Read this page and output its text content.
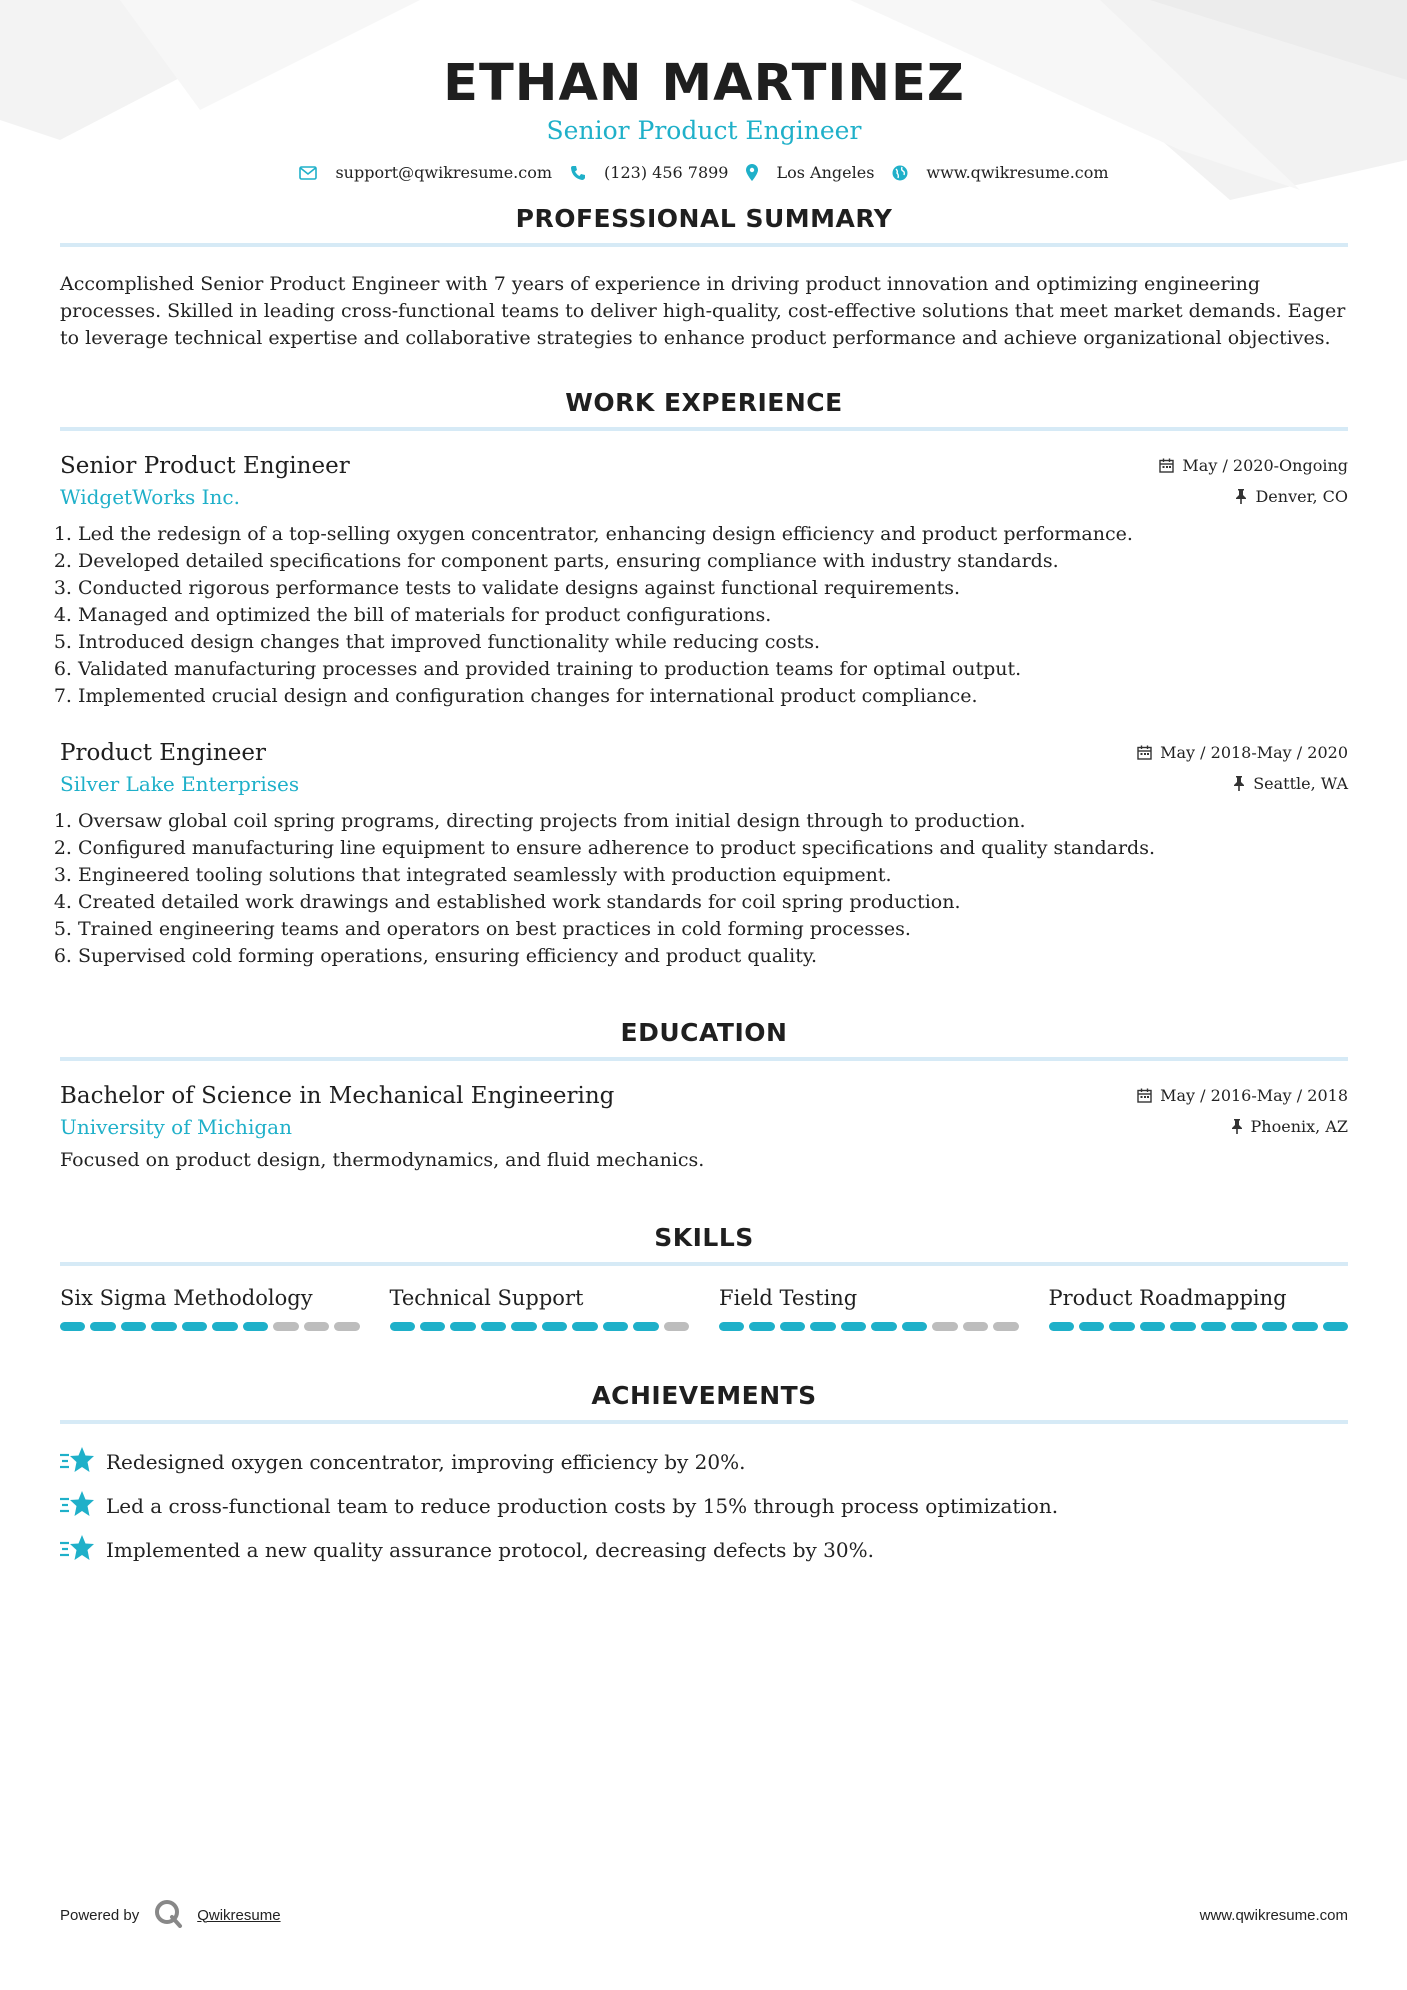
ETHAN MARTINEZ
Senior Product Engineer
support@qwikresume.com	(123) 456 7899	Los Angeles	www.qwikresume.com
PROFESSIONAL SUMMARY
Accomplished Senior Product Engineer with 7 years of experience in driving product innovation and optimizing engineering processes. Skilled in leading cross-functional teams to deliver high-quality, cost-effective solutions that meet market demands. Eager to leverage technical expertise and collaborative strategies to enhance product performance and achieve organizational objectives.
WORK EXPERIENCE
Senior Product Engineer	May / 2020-Ongoing
WidgetWorks Inc.	Denver, CO
1. Led the redesign of a top-selling oxygen concentrator, enhancing design efficiency and product performance.
2. Developed detailed specifications for component parts, ensuring compliance with industry standards.
3. Conducted rigorous performance tests to validate designs against functional requirements.
4. Managed and optimized the bill of materials for product configurations.
5. Introduced design changes that improved functionality while reducing costs.
6. Validated manufacturing processes and provided training to production teams for optimal output.
7. Implemented crucial design and configuration changes for international product compliance.
Product Engineer	May / 2018-May / 2020
Silver Lake Enterprises	Seattle, WA
1. Oversaw global coil spring programs, directing projects from initial design through to production.
2. Configured manufacturing line equipment to ensure adherence to product specifications and quality standards.
3. Engineered tooling solutions that integrated seamlessly with production equipment.
4. Created detailed work drawings and established work standards for coil spring production.
5. Trained engineering teams and operators on best practices in cold forming processes.
6. Supervised cold forming operations, ensuring efficiency and product quality.
EDUCATION
Bachelor of Science in Mechanical Engineering	May / 2016-May / 2018
University of Michigan	Phoenix, AZ
Focused on product design, thermodynamics, and fluid mechanics.
SKILLS
Six Sigma Methodology	Technical Support	Field Testing	Product Roadmapping
ACHIEVEMENTS
Redesigned oxygen concentrator, improving efficiency by 20%.
Led a cross-functional team to reduce production costs by 15% through process optimization.
Implemented a new quality assurance protocol, decreasing defects by 30%.
Powered by	Qwikresume	www.qwikresume.com
